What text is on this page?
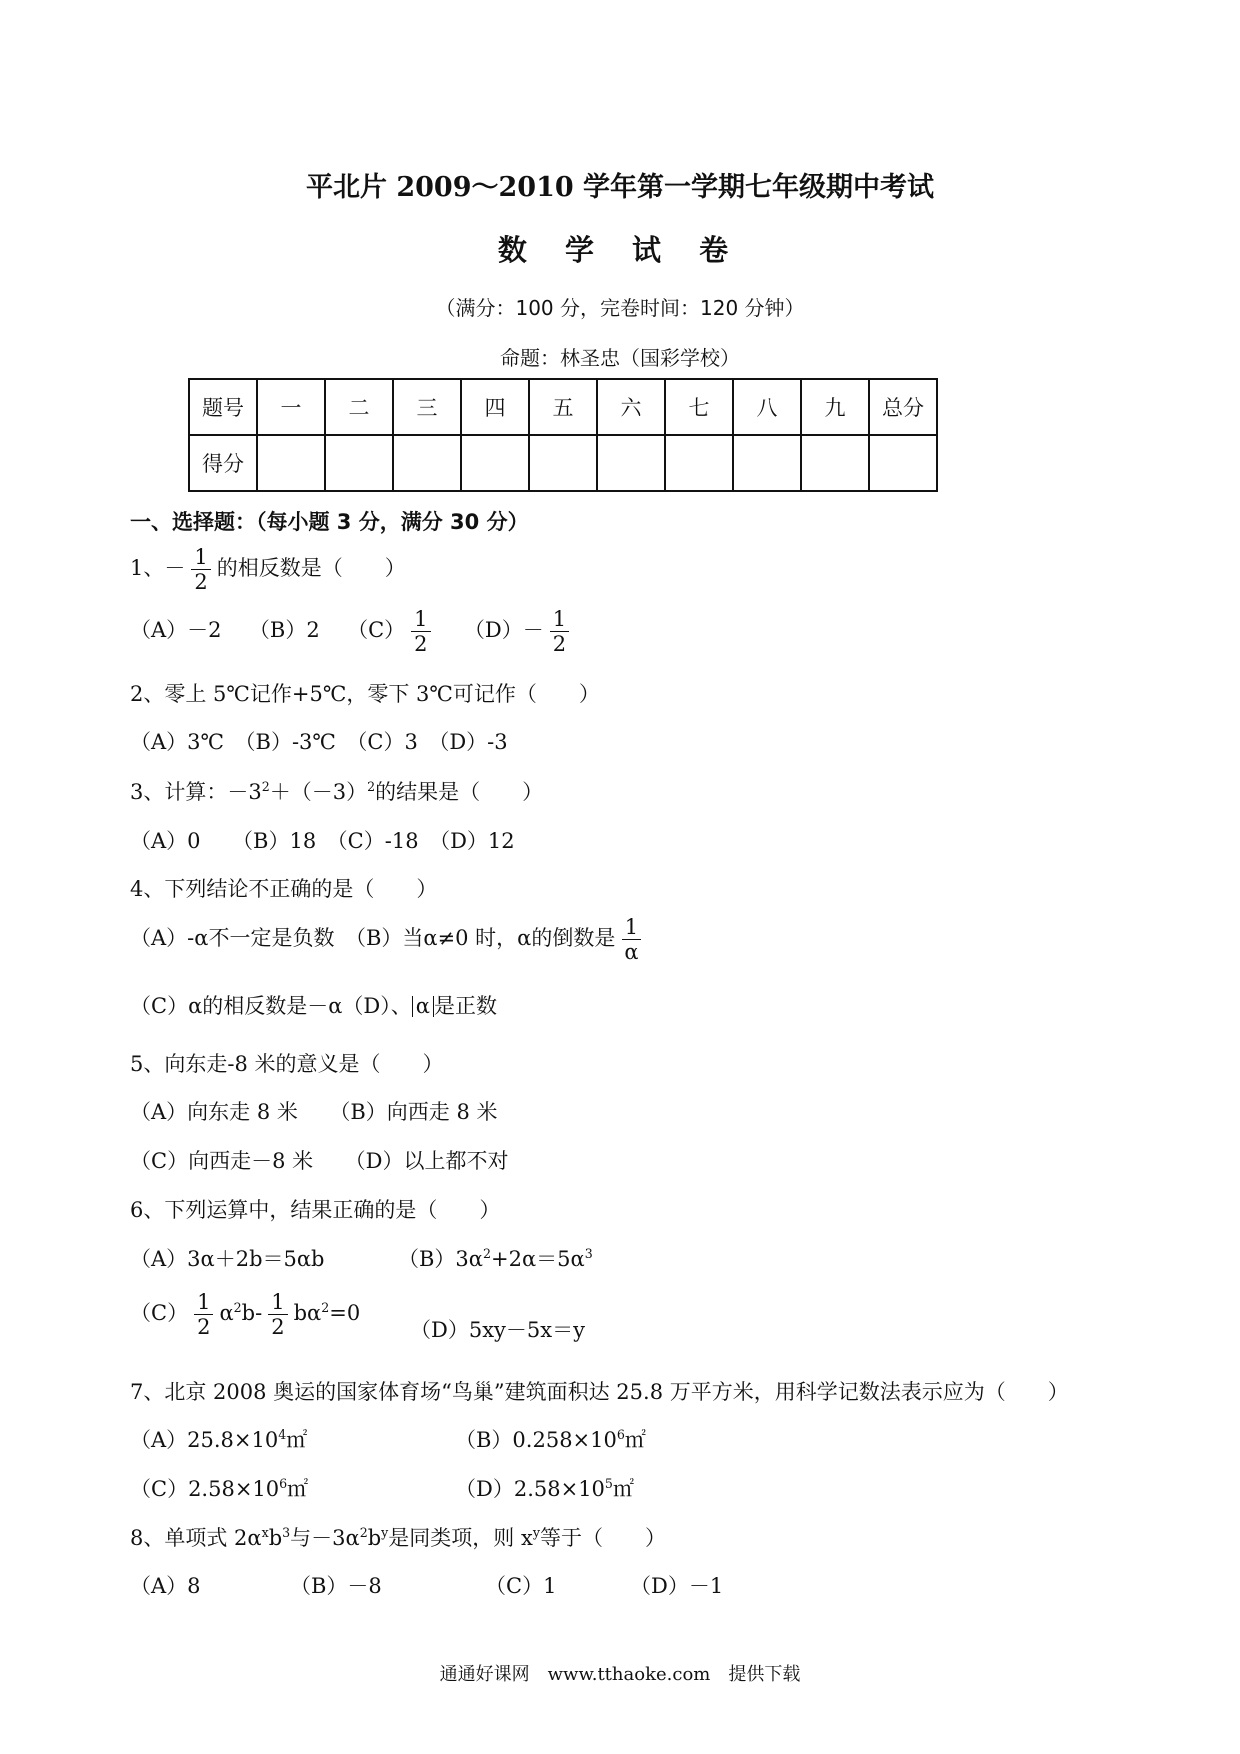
平北片 2009～2010 学年第一学期七年级期中考试
数 学 试 卷
（满分：100 分，完卷时间：120 分钟）
命题：林圣忠（国彩学校）
题号	一	二	三	四	五	六	七	八	九	总分
得分										
一、选择题：（每小题 3 分，满分 30 分）
1、－ $\frac{1}{2}$ 的相反数是（　　）
（A）－2 （B）2 $(C) \frac{1}{2} (D)- \frac{1}{2}$
2、零上 5℃记作+5℃，零下 3℃可记作（　　）
（A）3℃　（B）-3℃　（C）3　（D）-3
3、计算：$-3^2+(-3)^2$的结果是（　　）
（A）0　　（B）18　（C）-18　（D）12
4、下列结论不正确的是（　　）
（A）-α不一定是负数　（B）当α≠0 时，α的倒数是 $\frac{1}{\alpha}$
（C）α的相反数是－α（D）、 α 是正数
5、向东走-8 米的意义是（　　）
（A）向东走 8 米　　（B）向西走 8 米
（C）向西走－8 米　　（D）以上都不对
6、下列运算中，结果正确的是（　　）
（A）3α＋2b＝5αb	$(B)3\alpha^2+2\alpha=5\alpha^3$
$(C) \frac{1}{2} \alpha^2b- \frac{1}{2} b\alpha^2=0$
（D）5xy－5x＝y
7、北京 2008 奥运的国家体育场“鸟巢”建筑面积达 25.8 万平方米，用科学记数法表示应为（　　）
$(A)25.8\times 10^4㎡$	$(B)0.258\times 10^6㎡$
$(C)2.58\times 10^6㎡$	$(D)2.58\times 10^5㎡$
8、单项式 $2\alpha^xb^3$与$-3\alpha^2b^y$是同类项，则 $x^y$等于（　　）
（A）8	（B）－8	（C）1	（D）－1
通通好课网　www.tthaoke.com　提供下载
